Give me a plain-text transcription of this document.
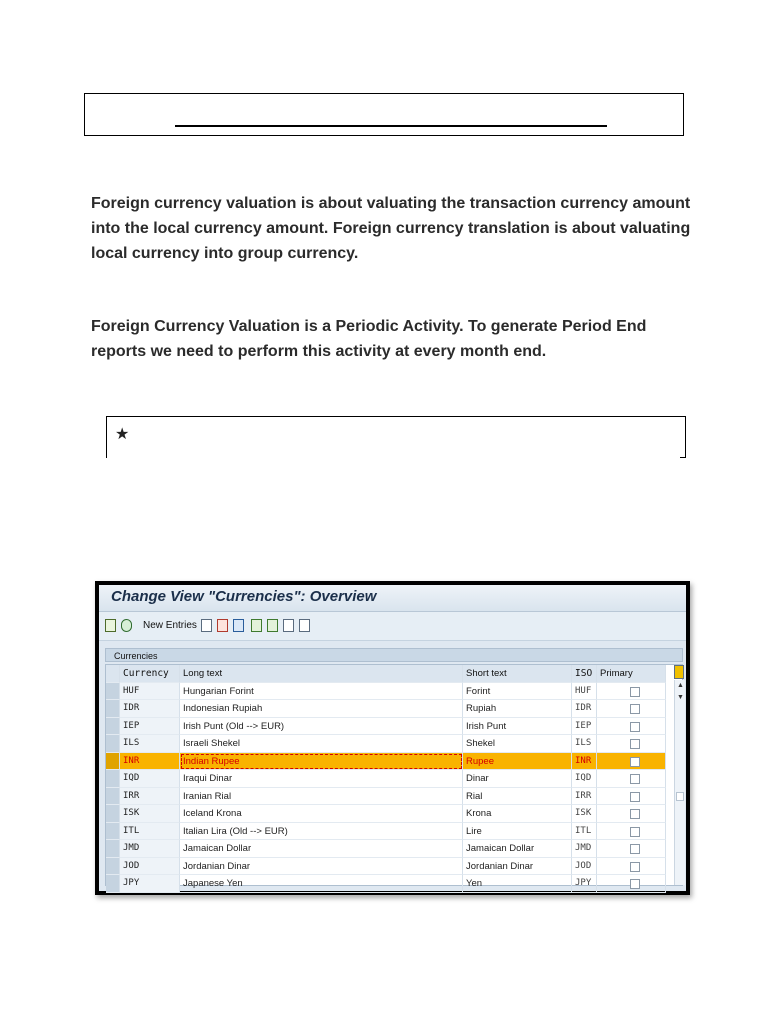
Foreign currency valuation is about valuating the transaction currency amount into the local currency amount. Foreign currency translation is about valuating local currency into group currency.
Foreign Currency Valuation is a Periodic Activity. To generate Period End reports we need to perform this activity at every month end.
★
Change View "Currencies": Overview
New Entries
Currencies
Currency	Long text	Short text	ISO Primary
▲
▼
HUF	Hungarian Forint	Forint	HUF
IDR	Indonesian Rupiah	Rupiah	IDR
IEP	Irish Punt (Old --> EUR)	Irish Punt	IEP
ILS	Israeli Shekel	Shekel	ILS
INR	Indian Rupee	Rupee	INR
IQD	Iraqui Dinar	Dinar	IQD
IRR	Iranian Rial	Rial	IRR
ISK	Iceland Krona	Krona	ISK
ITL	Italian Lira (Old --> EUR)	Lire	ITL
JMD	Jamaican Dollar	Jamaican Dollar	JMD
JOD	Jordanian Dinar	Jordanian Dinar	JOD
JPY	Japanese Yen	Yen	JPY
